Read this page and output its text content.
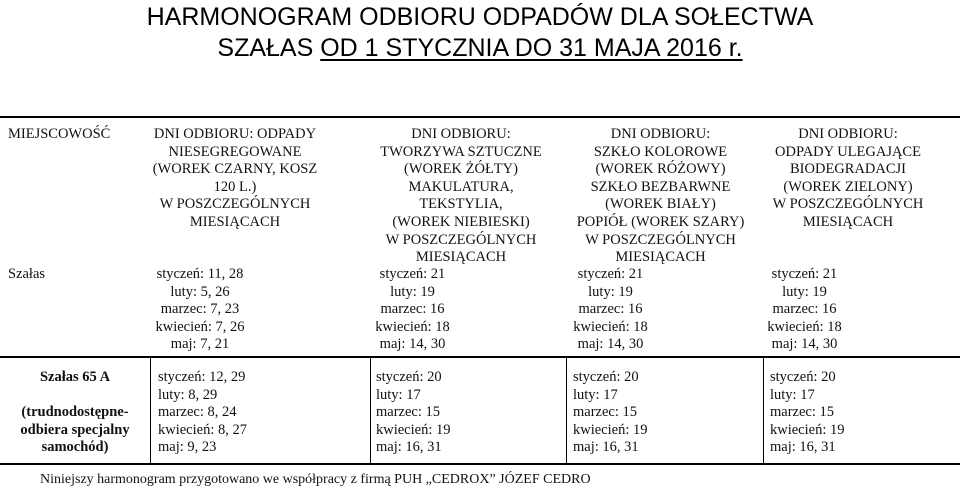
HARMONOGRAM ODBIORU ODPADÓW DLA SOŁECTWA
SZAŁAS OD 1 STYCZNIA DO 31 MAJA 2016 r.
MIEJSCOWOŚĆ	DNI ODBIORU: ODPADY
NIESEGREGOWANE
(WOREK CZARNY, KOSZ
120 L.)
W POSZCZEGÓLNYCH
MIESIĄCACH
DNI ODBIORU:
TWORZYWA SZTUCZNE
(WOREK ŻÓŁTY)
MAKULATURA,
TEKSTYLIA,
(WOREK NIEBIESKI)
W POSZCZEGÓLNYCH
MIESIĄCACH
DNI ODBIORU:
SZKŁO KOLOROWE
(WOREK RÓŻOWY)
SZKŁO BEZBARWNE
(WOREK BIAŁY)
POPIÓŁ (WOREK SZARY)
W POSZCZEGÓLNYCH
MIESIĄCACH
DNI ODBIORU:
ODPADY ULEGAJĄCE
BIODEGRADACJI
(WOREK ZIELONY)
W POSZCZEGÓLNYCH
MIESIĄCACH
Szałas	styczeń: 11, 28
luty: 5, 26
marzec: 7, 23
kwiecień: 7, 26
maj: 7, 21
styczeń: 21
luty: 19
marzec: 16
kwiecień: 18
maj: 14, 30
styczeń: 21
luty: 19
marzec: 16
kwiecień: 18
maj: 14, 30
styczeń: 21
luty: 19
marzec: 16
kwiecień: 18
maj: 14, 30
Szałas 65 A

(trudnodostępne-
odbiera specjalny
samochód)
styczeń: 12, 29
luty: 8, 29
marzec: 8, 24
kwiecień: 8, 27
maj: 9, 23
styczeń: 20
luty: 17
marzec: 15
kwiecień: 19
maj: 16, 31
styczeń: 20
luty: 17
marzec: 15
kwiecień: 19
maj: 16, 31
styczeń: 20
luty: 17
marzec: 15
kwiecień: 19
maj: 16, 31
Niniejszy harmonogram przygotowano we współpracy z firmą PUH „CEDROX” JÓZEF CEDRO
